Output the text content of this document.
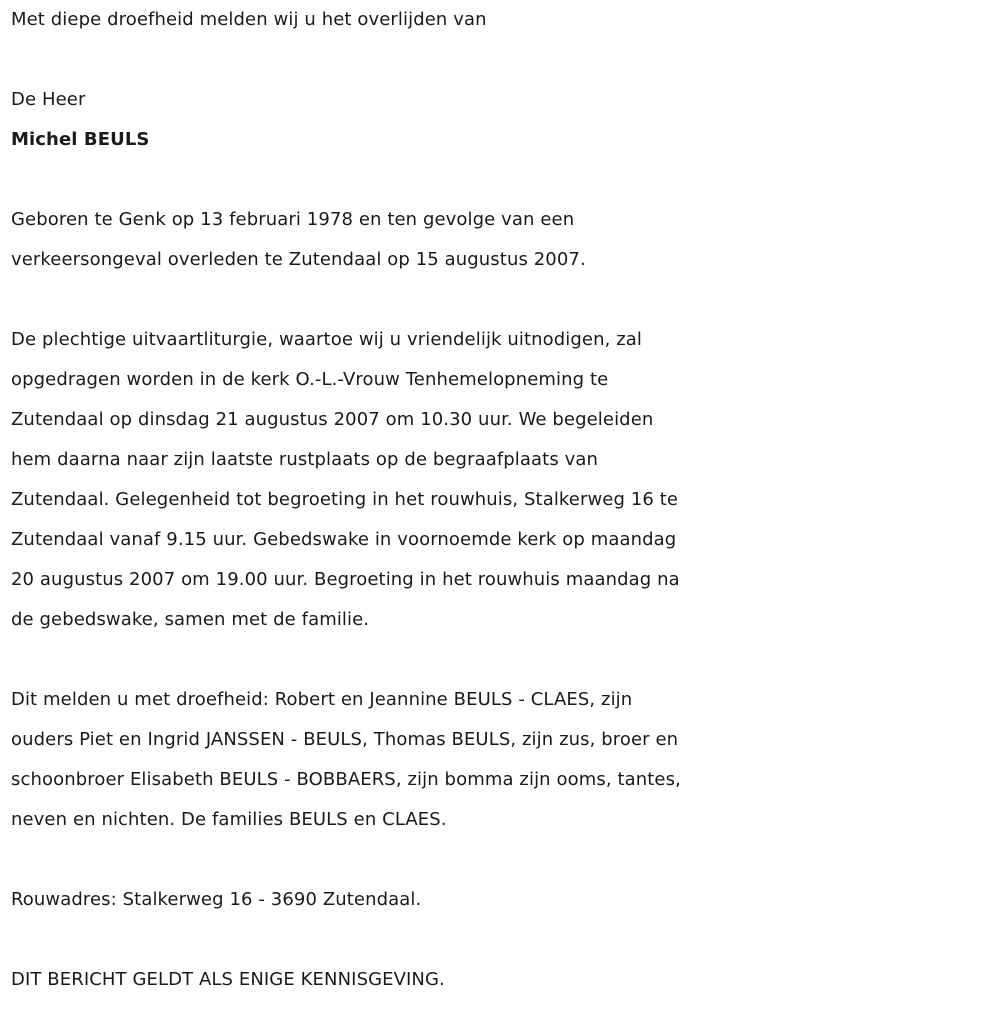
Met diepe droefheid melden wij u het overlijden van
De Heer
Michel BEULS
Geboren te Genk op 13 februari 1978 en ten gevolge van een
verkeersongeval overleden te Zutendaal op 15 augustus 2007.
De plechtige uitvaartliturgie, waartoe wij u vriendelijk uitnodigen, zal
opgedragen worden in de kerk O.-L.-Vrouw Tenhemelopneming te
Zutendaal op dinsdag 21 augustus 2007 om 10.30 uur. We begeleiden
hem daarna naar zijn laatste rustplaats op de begraafplaats van
Zutendaal. Gelegenheid tot begroeting in het rouwhuis, Stalkerweg 16 te
Zutendaal vanaf 9.15 uur. Gebedswake in voornoemde kerk op maandag
20 augustus 2007 om 19.00 uur. Begroeting in het rouwhuis maandag na
de gebedswake, samen met de familie.
Dit melden u met droefheid: Robert en Jeannine BEULS - CLAES, zijn
ouders Piet en Ingrid JANSSEN - BEULS, Thomas BEULS, zijn zus, broer en
schoonbroer Elisabeth BEULS - BOBBAERS, zijn bomma zijn ooms, tantes,
neven en nichten. De families BEULS en CLAES.
Rouwadres: Stalkerweg 16 - 3690 Zutendaal.
DIT BERICHT GELDT ALS ENIGE KENNISGEVING.
